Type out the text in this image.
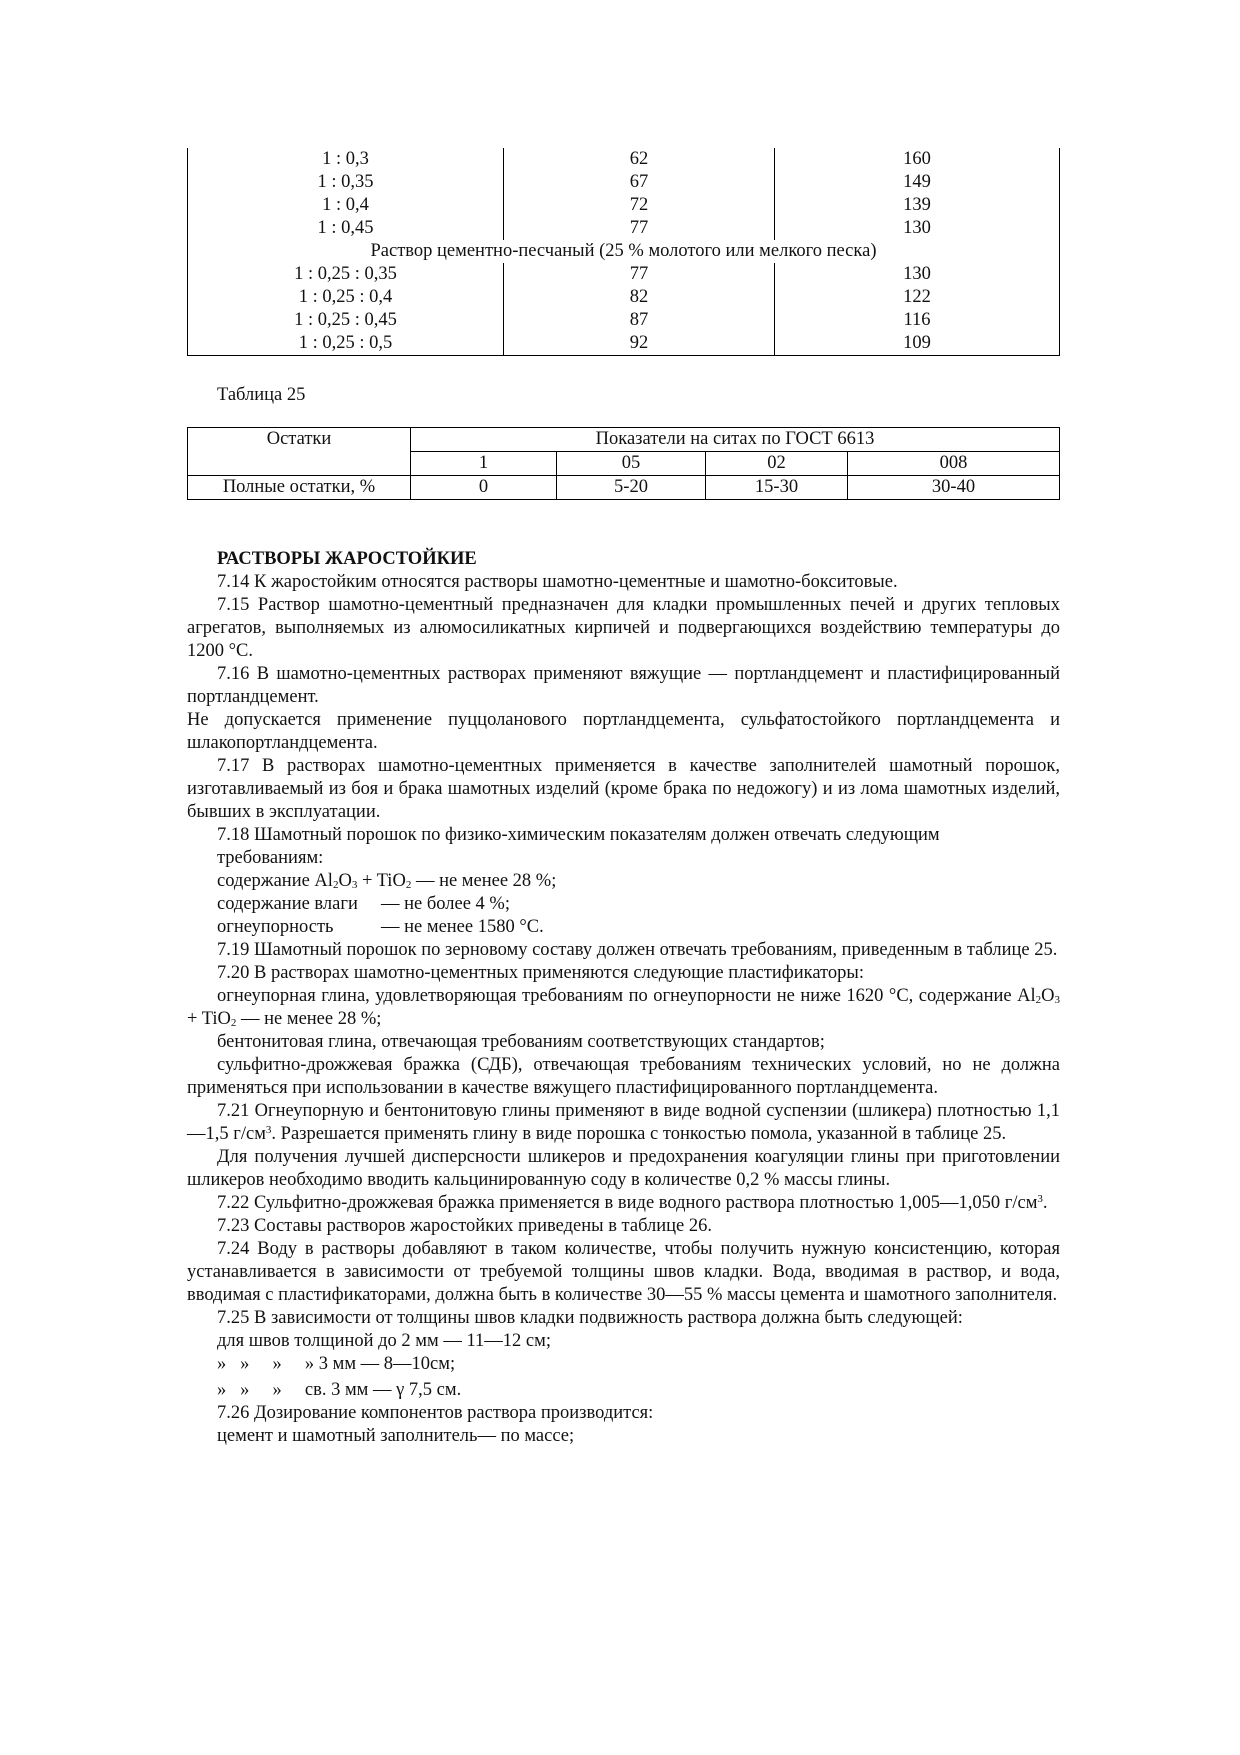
1 : 0,3	62	160
1 : 0,35	67	149
1 : 0,4	72	139
1 : 0,45	77	130
Раствор цементно-песчаный (25 % молотого или мелкого песка)		
1 : 0,25 : 0,35	77	130
1 : 0,25 : 0,4	82	122
1 : 0,25 : 0,45	87	116
1 : 0,25 : 0,5	92	109
Таблица 25
Остатки	Показатели на ситах по ГОСТ 6613			
	1	05	02	008
Полные остатки, %	0	5-20	15-30	30-40

РАСТВОРЫ ЖАРОСТОЙКИЕ

7.14 К жаростойким относятся растворы шамотно-цементные и шамотно-бокситовые.

7.15 Раствор шамотно-цементный предназначен для кладки промышленных печей и других тепловых агрегатов, выполняемых из алюмосиликатных кирпичей и подвергающихся воздействию температуры до 1200 °С.

7.16 В шамотно-цементных растворах применяют вяжущие — портландцемент и пластифицированный портландцемент.

Не допускается применение пуццоланового портландцемента, сульфатостойкого портландцемента и шлакопортландцемента.

7.17 В растворах шамотно-цементных применяется в качестве заполнителей шамотный порошок, изготавливаемый из боя и брака шамотных изделий (кроме брака по недожогу) и из лома шамотных изделий, бывших в эксплуатации.

7.18 Шамотный порошок по физико-химическим показателям должен отвечать следующим

требованиям:

содержание $Al_2O_3 + TiO_2$ — не менее 28 %;

содержание влаги — не более 4 %;

огнеупорность	— не менее 1580 °С.

7.19 Шамотный порошок по зерновому составу должен отвечать требованиям, приведенным в таблице 25.

7.20 В растворах шамотно-цементных применяются следующие пластификаторы:

огнеупорная глина, удовлетворяющая требованиям по огнеупорности не ниже 1620 °С, содержание $Al_2O_3 + TiO_2$ — не менее 28 %;

бентонитовая глина, отвечающая требованиям соответствующих стандартов;

сульфитно-дрожжевая бражка (СДБ), отвечающая требованиям технических условий, но не должна применяться при использовании в качестве вяжущего пластифицированного портландцемента.

7.21 Огнеупорную и бентонитовую глины применяют в виде водной суспензии (шликера) плотностью 1,1—1,5 $г/см^3$. Разрешается применять глину в виде порошка с тонкостью помола, указанной в таблице 25.

Для получения лучшей дисперсности шликеров и предохранения коагуляции глины при приготовлении шликеров необходимо вводить кальцинированную соду в количестве 0,2 % массы глины.

7.22 Сульфитно-дрожжевая бражка применяется в виде водного раствора плотностью 1,005—1,050 $г/см^3$.

7.23 Составы растворов жаростойких приведены в таблице 26.

7.24 Воду в растворы добавляют в таком количестве, чтобы получить нужную консистенцию, которая устанавливается в зависимости от требуемой толщины швов кладки. Вода, вводимая в раствор, и вода, вводимая с пластификаторами, должна быть в количестве 30—55 % массы цемента и шамотного заполнителя.

7.25 В зависимости от толщины швов кладки подвижность раствора должна быть следующей:

для швов толщиной до 2 мм — 11—12 см;

»   »     »     » 3 мм — 8—10см;

»   »     »     св. 3 мм — γ 7,5 см.

7.26 Дозирование компонентов раствора производится:

цемент и шамотный заполнитель— по массе;
